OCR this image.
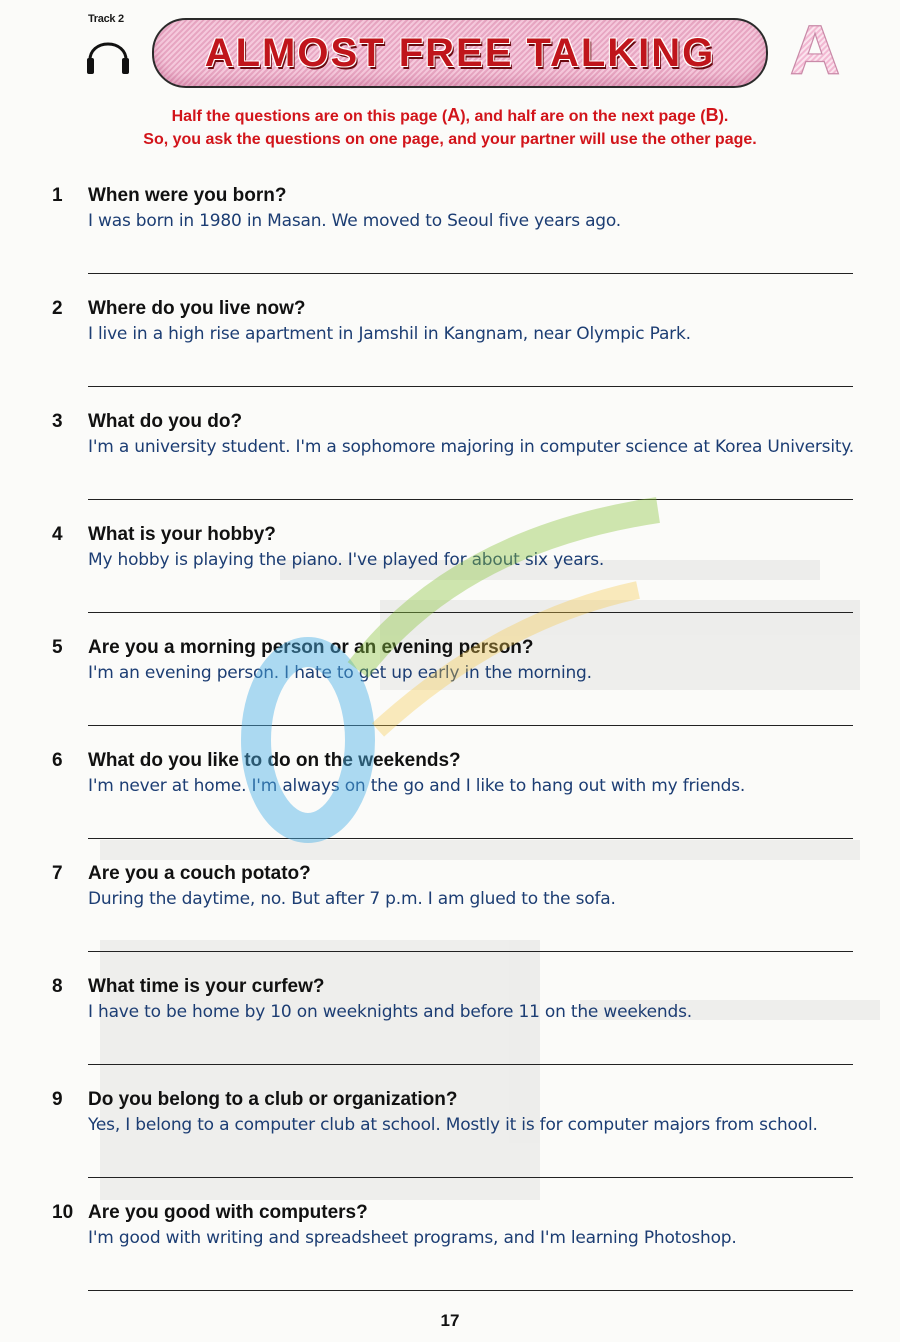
Track 2
ALMOST FREE TALKING A
Half the questions are on this page (A), and half are on the next page (B).
So, you ask the questions on one page, and your partner will use the other page.
1 When were you born?
I was born in 1980 in Masan. We moved to Seoul five years ago.
2 Where do you live now?
I live in a high rise apartment in Jamshil in Kangnam, near Olympic Park.
3 What do you do?
I'm a university student. I'm a sophomore majoring in computer science at Korea University.
4 What is your hobby?
My hobby is playing the piano. I've played for about six years.
5 Are you a morning person or an evening person?
I'm an evening person. I hate to get up early in the morning.
6 What do you like to do on the weekends?
I'm never at home. I'm always on the go and I like to hang out with my friends.
7 Are you a couch potato?
During the daytime, no. But after 7 p.m. I am glued to the sofa.
8 What time is your curfew?
I have to be home by 10 on weeknights and before 11 on the weekends.
9 Do you belong to a club or organization?
Yes, I belong to a computer club at school. Mostly it is for computer majors from school.
10 Are you good with computers?
I'm good with writing and spreadsheet programs, and I'm learning Photoshop.
17
